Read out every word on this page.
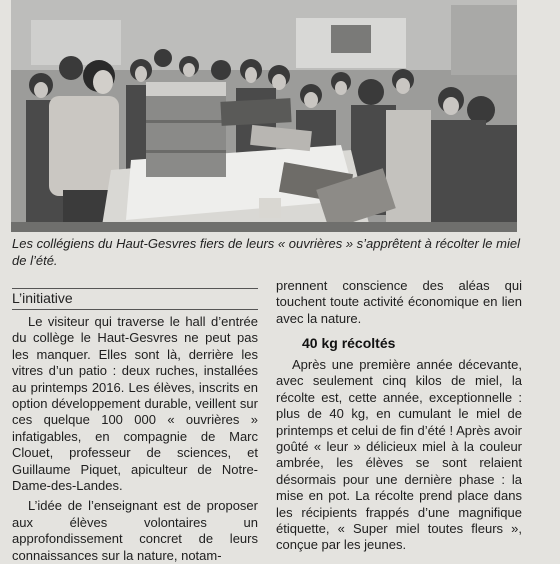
Les collégiens du Haut-Gesvres fiers de leurs « ouvrières » s’apprêtent à récolter le miel de l’été.
L’initiative

Le visiteur qui traverse le hall d’entrée du collège le Haut-Gesvres ne peut pas les manquer. Elles sont là, derrière les vitres d’un patio : deux ruches, installées au printemps 2016. Les élèves, inscrits en option développement durable, veillent sur ces quelque 100 000 « ouvrières » infatigables, en compagnie de Marc Clouet, professeur de sciences, et Guillaume Piquet, apiculteur de Notre-Dame-des-Landes.

L’idée de l’enseignant est de proposer aux élèves volontaires un approfondissement concret de leurs connaissances sur la nature, notam-

prennent conscience des aléas qui touchent toute activité économique en lien avec la nature.

40 kg récoltés

Après une première année décevante, avec seulement cinq kilos de miel, la récolte est, cette année, exceptionnelle : plus de 40 kg, en cumulant le miel de printemps et celui de fin d’été ! Après avoir goûté « leur » délicieux miel à la couleur ambrée, les élèves se sont relaient désormais pour une dernière phase : la mise en pot. La récolte prend place dans les récipients frappés d’une magnifique étiquette, « Super miel toutes fleurs », conçue par les jeunes.
